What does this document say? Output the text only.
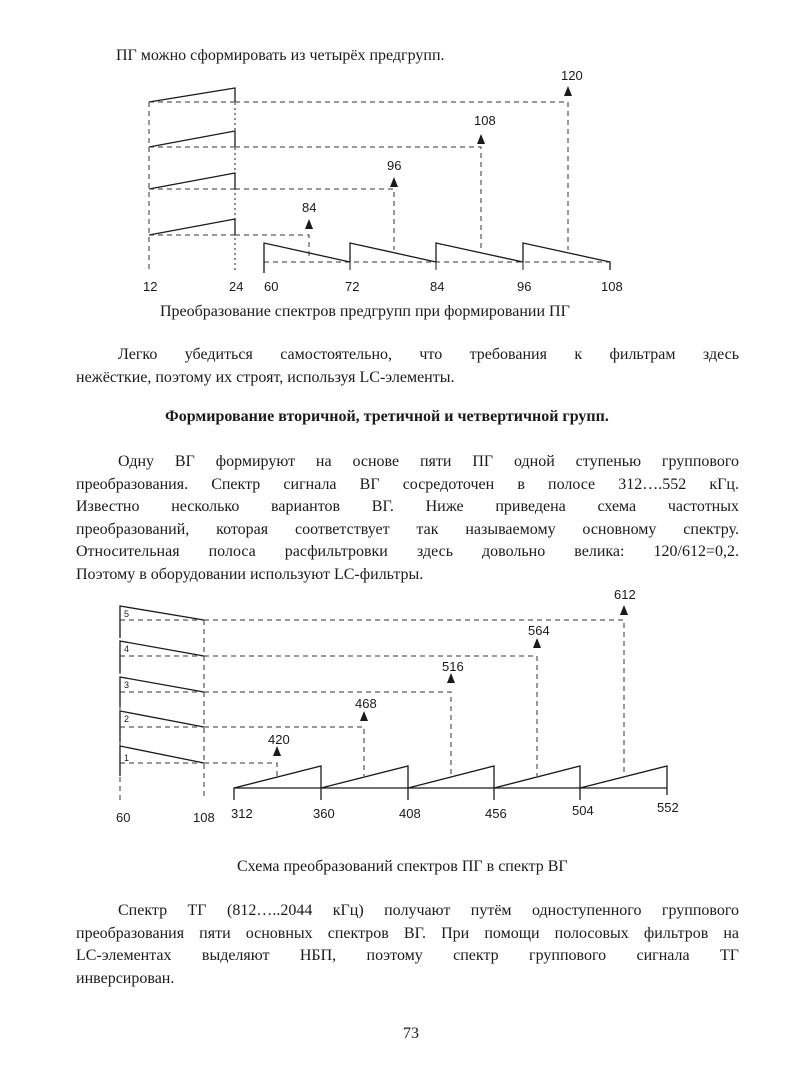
ПГ можно сформировать из четырёх предгрупп.

84
96
108
120
12	24 60	72	84	96	108
Преобразование спектров предгрупп при формировании ПГ
Легко убедиться самостоятельно, что требования к фильтрам здесь
нежёсткие, поэтому их строят, используя LC-элементы.
Формирование вторичной, третичной и четвертичной групп.
Одну ВГ формируют на основе пяти ПГ одной ступенью группового
преобразования. Спектр сигнала ВГ сосредоточен в полосе 312….552 кГц.
Известно несколько вариантов ВГ. Ниже приведена схема частотных
преобразований, которая соответствует так называемому основному спектру.
Относительная полоса расфильтровки здесь довольно велика: 120/612=0,2.
Поэтому в оборудовании используют LC-фильтры.
5
4
3
2
1
420
468
516
564
612
60	108 312	360	408	456	504	552
Схема преобразований спектров ПГ в спектр ВГ
Спектр ТГ (812…..2044 кГц) получают путём одноступенного группового
преобразования пяти основных спектров ВГ. При помощи полосовых фильтров на
LC-элементах выделяют НБП, поэтому спектр группового сигнала ТГ
инверсирован.
73
